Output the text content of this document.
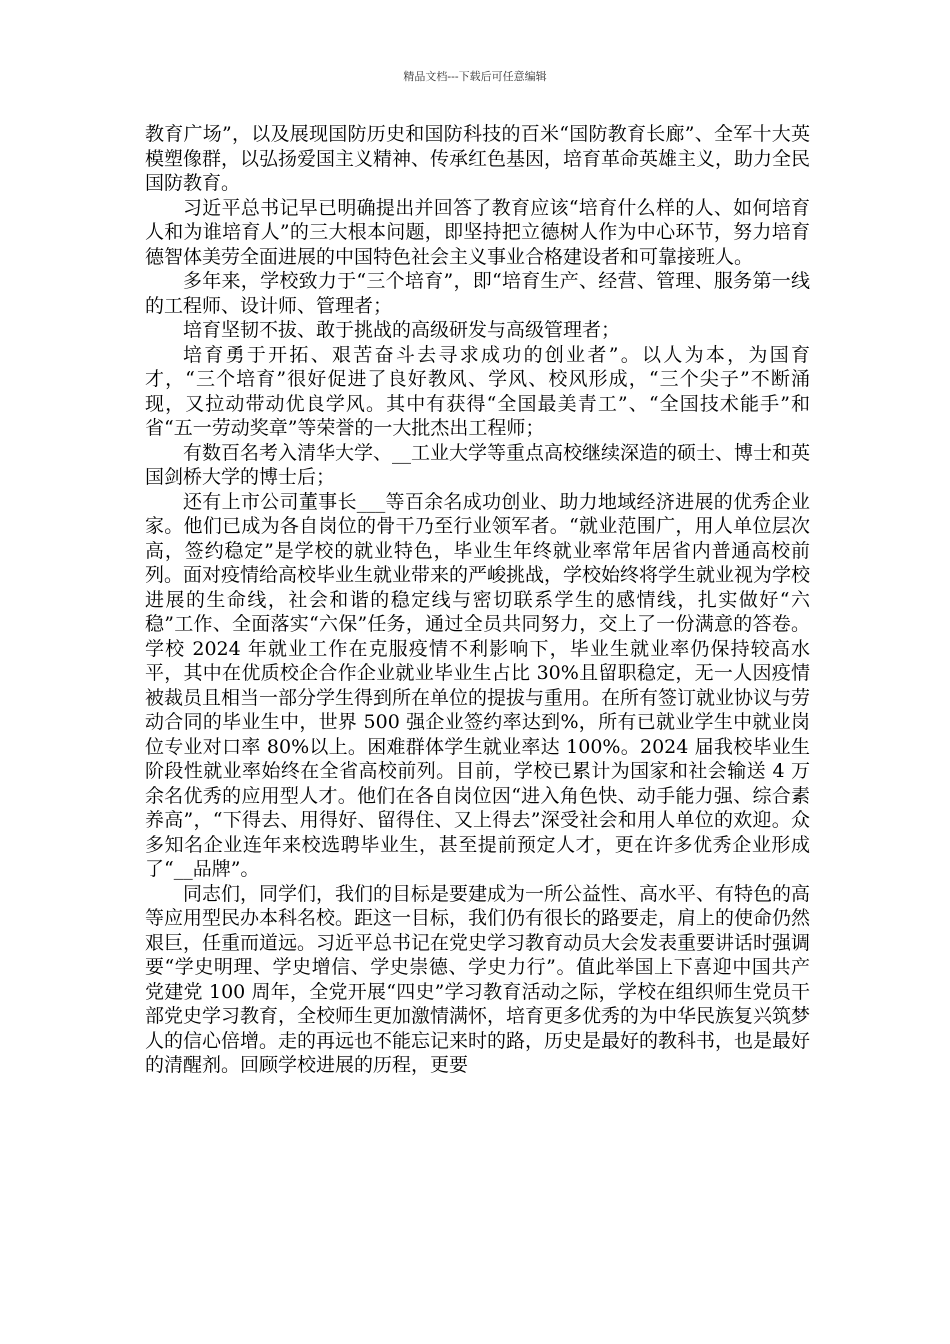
精品文档---下载后可任意编辑

教育广场”，以及展现国防历史和国防科技的百米“国防教育长廊”、全军十大英模塑像群，以弘扬爱国主义精神、传承红色基因，培育革命英雄主义，助力全民国防教育。

习近平总书记早已明确提出并回答了教育应该“培育什么样的人、如何培育人和为谁培育人”的三大根本问题，即坚持把立德树人作为中心环节，努力培育德智体美劳全面进展的中国特色社会主义事业合格建设者和可靠接班人。

多年来，学校致力于“三个培育”，即“培育生产、经营、管理、服务第一线的工程师、设计师、管理者；

培育坚韧不拔、敢于挑战的高级研发与高级管理者；

培育勇于开拓、艰苦奋斗去寻求成功的创业者”。以人为本，为国育才，“三个培育”很好促进了良好教风、学风、校风形成，“三个尖子”不断涌现，又拉动带动优良学风。其中有获得“全国最美青工”、“全国技术能手”和省“五一劳动奖章”等荣誉的一大批杰出工程师；

有数百名考入清华大学、__工业大学等重点高校继续深造的硕士、博士和英国剑桥大学的博士后；

还有上市公司董事长___等百余名成功创业、助力地域经济进展的优秀企业家。他们已成为各自岗位的骨干乃至行业领军者。“就业范围广，用人单位层次高，签约稳定”是学校的就业特色，毕业生年终就业率常年居省内普通高校前列。面对疫情给高校毕业生就业带来的严峻挑战，学校始终将学生就业视为学校进展的生命线，社会和谐的稳定线与密切联系学生的感情线，扎实做好“六稳”工作、全面落实“六保”任务，通过全员共同努力，交上了一份满意的答卷。学校 2024 年就业工作在克服疫情不利影响下，毕业生就业率仍保持较高水平，其中在优质校企合作企业就业毕业生占比 30%且留职稳定，无一人因疫情被裁员且相当一部分学生得到所在单位的提拔与重用。在所有签订就业协议与劳动合同的毕业生中，世界 500 强企业签约率达到%，所有已就业学生中就业岗位专业对口率 80%以上。困难群体学生就业率达 100%。2024 届我校毕业生阶段性就业率始终在全省高校前列。目前，学校已累计为国家和社会输送 4 万余名优秀的应用型人才。他们在各自岗位因“进入角色快、动手能力强、综合素养高”，“下得去、用得好、留得住、又上得去”深受社会和用人单位的欢迎。众多知名企业连年来校选聘毕业生，甚至提前预定人才，更在许多优秀企业形成了“__品牌”。

同志们，同学们，我们的目标是要建成为一所公益性、高水平、有特色的高等应用型民办本科名校。距这一目标，我们仍有很长的路要走，肩上的使命仍然艰巨，任重而道远。习近平总书记在党史学习教育动员大会发表重要讲话时强调要“学史明理、学史增信、学史崇德、学史力行”。值此举国上下喜迎中国共产党建党 100 周年，全党开展“四史”学习教育活动之际，学校在组织师生党员干部党史学习教育，全校师生更加激情满怀，培育更多优秀的为中华民族复兴筑梦人的信心倍增。走的再远也不能忘记来时的路，历史是最好的教科书，也是最好的清醒剂。回顾学校进展的历程，更要
